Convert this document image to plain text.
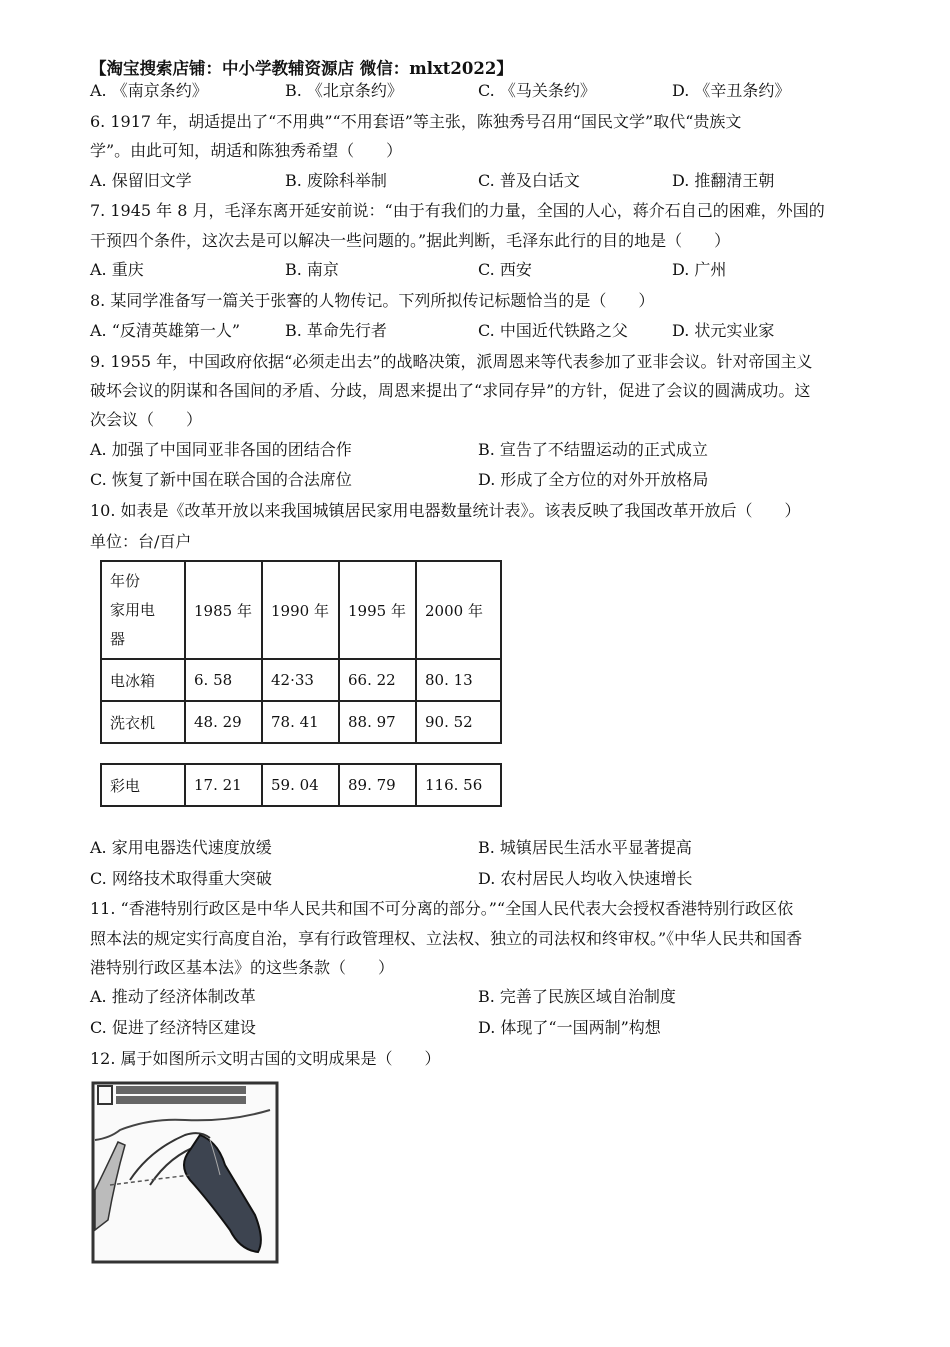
【淘宝搜索店铺：中小学教辅资源店 微信：mlxt2022】
A. 《南京条约》	B. 《北京条约》	C. 《马关条约》	D. 《辛丑条约》
6. 1917 年，胡适提出了“不用典”“不用套语”等主张，陈独秀号召用“国民文学”取代“贵族文
学”。由此可知，胡适和陈独秀希望（　　）
A. 保留旧文学	B. 废除科举制	C. 普及白话文	D. 推翻清王朝
7. 1945 年 8 月，毛泽东离开延安前说：“由于有我们的力量，全国的人心，蒋介石自己的困难，外国的
干预四个条件，这次去是可以解决一些问题的。”据此判断，毛泽东此行的目的地是（　　）
A. 重庆	B. 南京	C. 西安	D. 广州
8. 某同学准备写一篇关于张謇的人物传记。下列所拟传记标题恰当的是（　　）
A. “反清英雄第一人”	B. 革命先行者	C. 中国近代铁路之父	D. 状元实业家
9. 1955 年，中国政府依据“必须走出去”的战略决策，派周恩来等代表参加了亚非会议。针对帝国主义
破坏会议的阴谋和各国间的矛盾、分歧，周恩来提出了“求同存异”的方针，促进了会议的圆满成功。这
次会议（　　）
A. 加强了中国同亚非各国的团结合作	B. 宣告了不结盟运动的正式成立
C. 恢复了新中国在联合国的合法席位	D. 形成了全方位的对外开放格局
10. 如表是《改革开放以来我国城镇居民家用电器数量统计表》。该表反映了我国改革开放后（　　）
单位：台/百户
年份
家用电
器	1985 年	1990 年	1995 年	2000 年
电冰箱	6. 58	42·33	66. 22	80. 13
洗衣机	48. 29	78. 41	88. 97	90. 52
彩电	17. 21	59. 04	89. 79	116. 56
A. 家用电器迭代速度放缓	B. 城镇居民生活水平显著提高
C. 网络技术取得重大突破	D. 农村居民人均收入快速增长
11. “香港特别行政区是中华人民共和国不可分离的部分。”“全国人民代表大会授权香港特别行政区依
照本法的规定实行高度自治，享有行政管理权、立法权、独立的司法权和终审权。”《中华人民共和国香
港特别行政区基本法》的这些条款（　　）
A. 推动了经济体制改革	B. 完善了民族区域自治制度
C. 促进了经济特区建设	D. 体现了“一国两制”构想
12. 属于如图所示文明古国的文明成果是（　　）
